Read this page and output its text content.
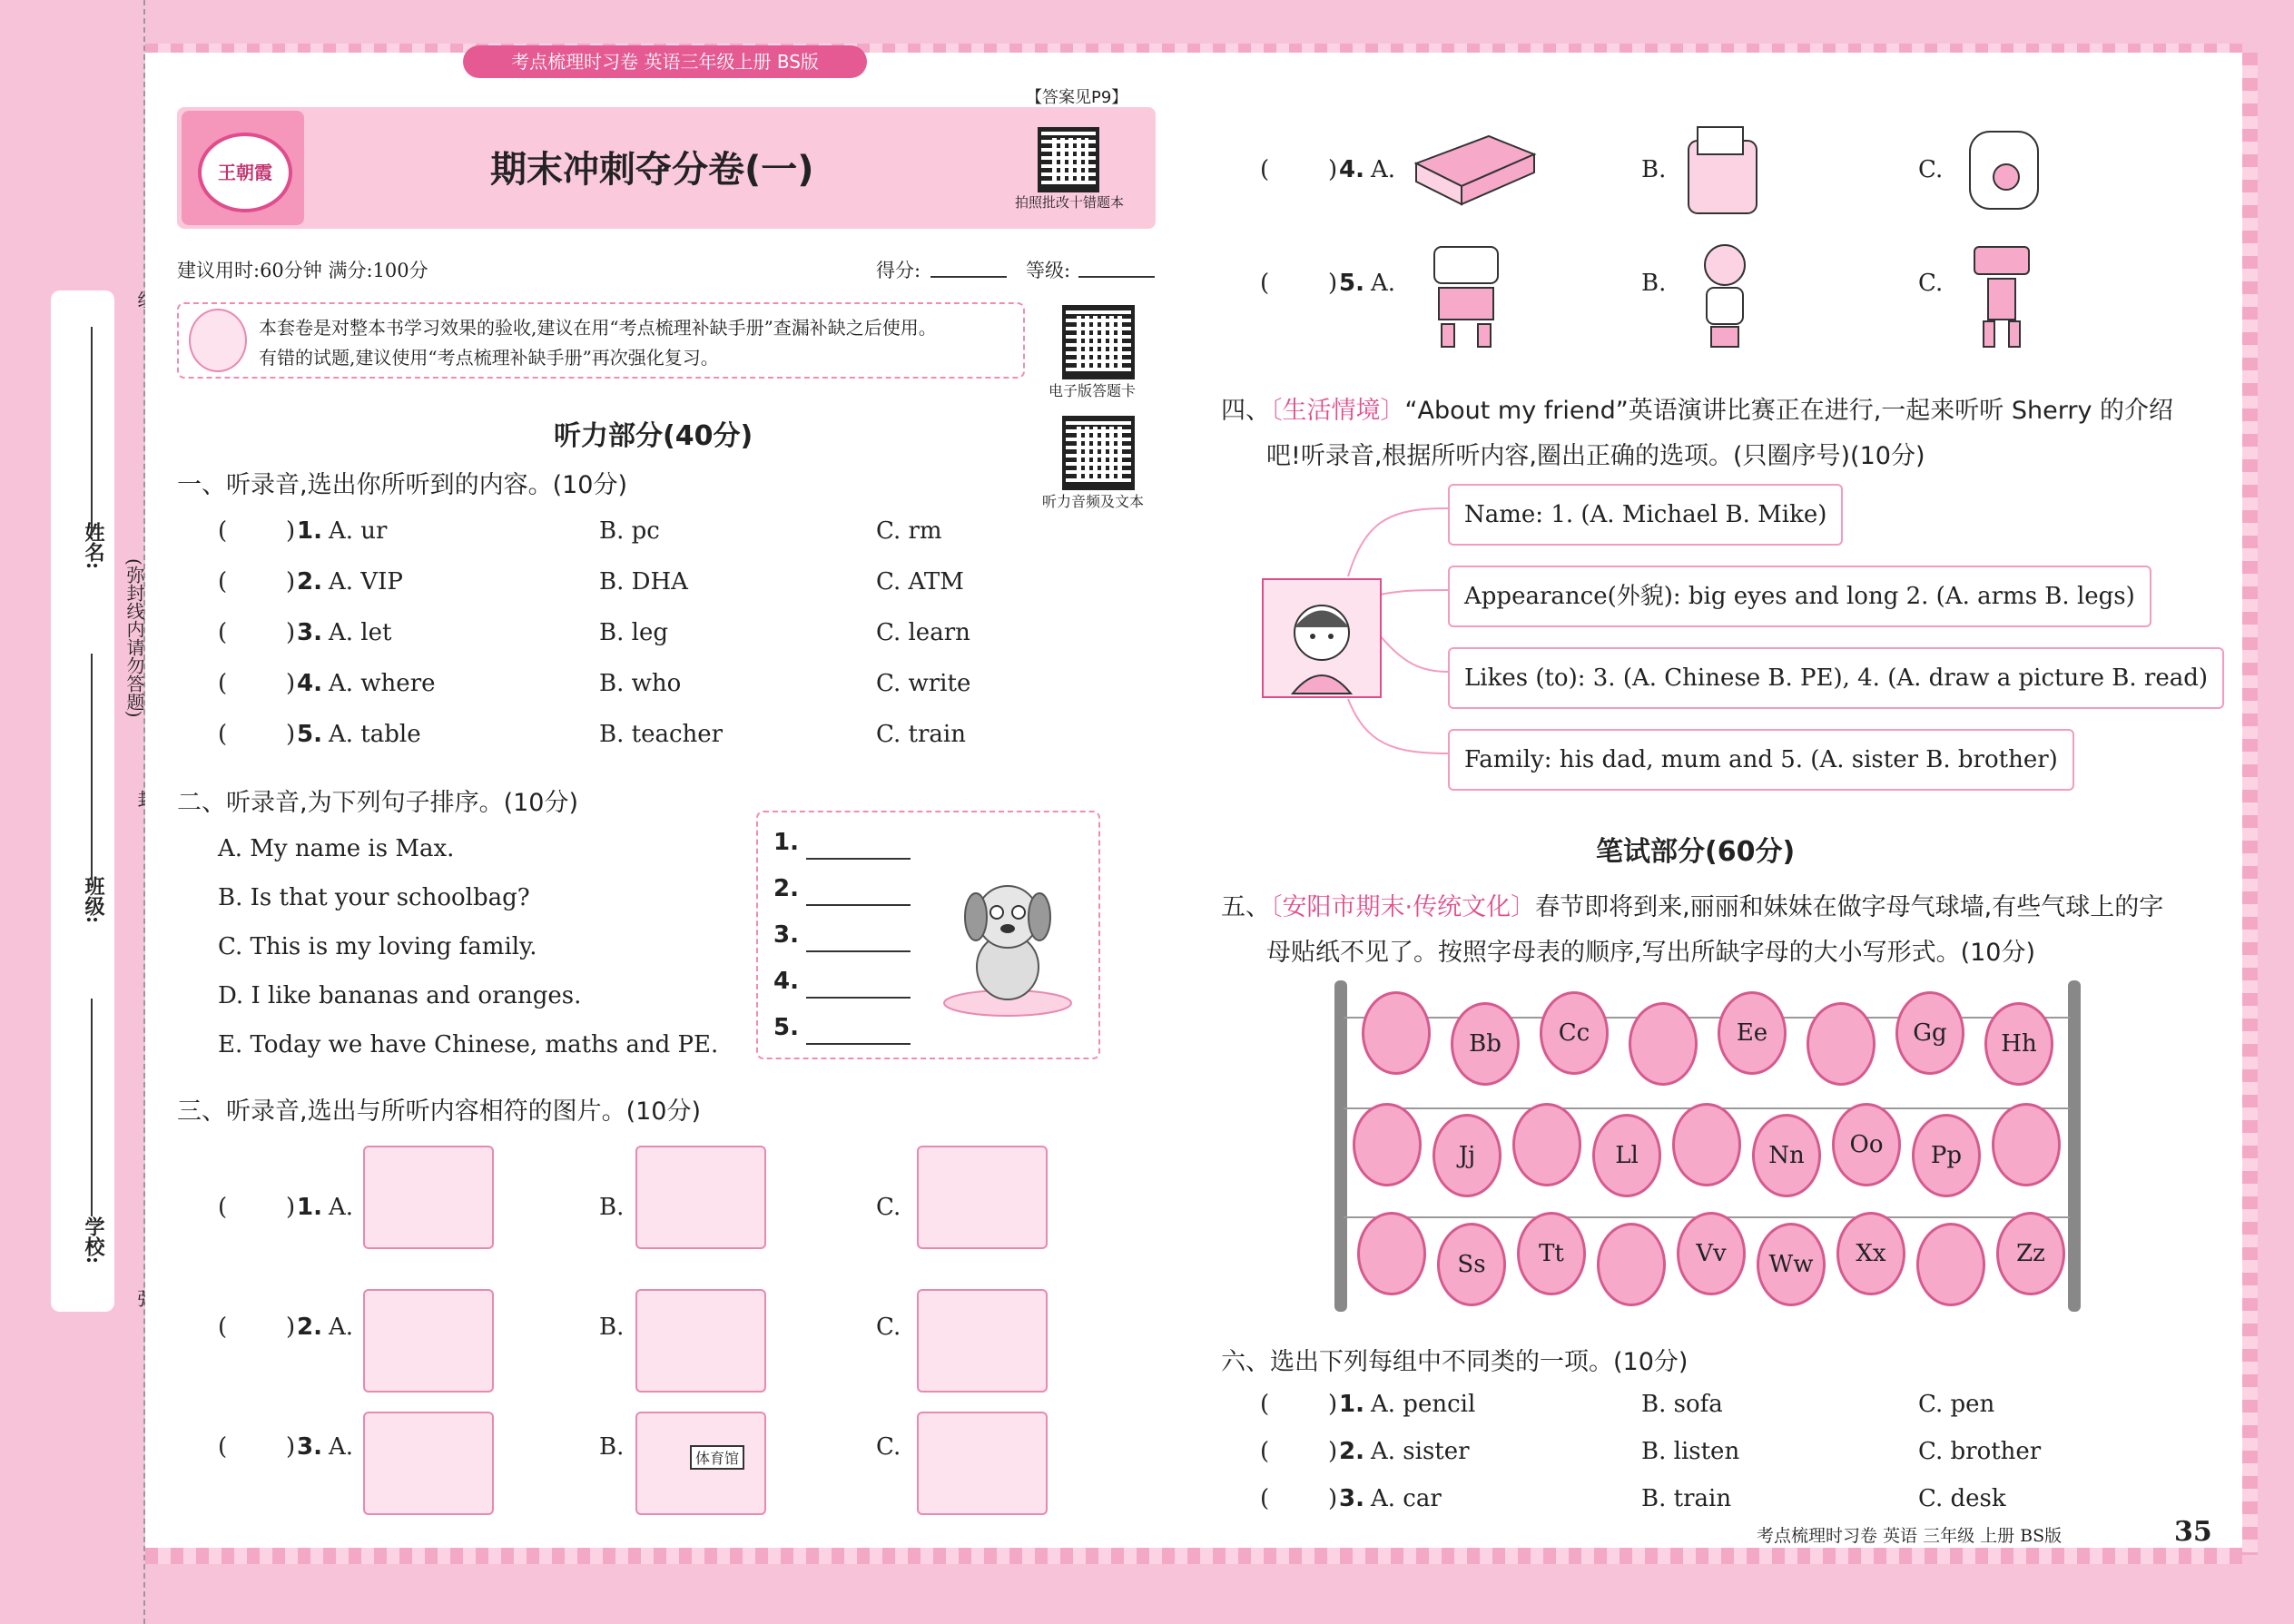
姓名:
班级:
学校:
(弥封线内请勿答题)
考点梳理时习卷 英语三年级上册 BS版
王朝霞	期末冲刺夺分卷(一)
【答案见P9】
拍照批改十错题本
建议用时:60分钟 满分:100分	得分:	等级:
本套卷是对整本书学习效果的验收,建议在用“考点梳理补缺手册”查漏补缺之后使用。
有错的试题,建议使用“考点梳理补缺手册”再次强化复习。
电子版答题卡
听力音频及文本
听力部分(40分)
一、听录音,选出你所听到的内容。(10分)
( ) 1. A. ur	B. pc	C. rm
( ) 2. A. VIP	B. DHA	C. ATM
( ) 3. A. let	B. leg	C. learn
( ) 4. A. where	B. who	C. write
( ) 5. A. table	B. teacher	C. train
二、听录音,为下列句子排序。(10分)
A. My name is Max.
B. Is that your schoolbag?
C. This is my loving family.
D. I like bananas and oranges.
E. Today we have Chinese, maths and PE.
1.
2.
3.
4.
5.
三、听录音,选出与所听内容相符的图片。(10分)
( ) 1. A.	B.	C.
( ) 2. A.	B.	C.
( ) 3. A.	B.	C.
( ) 4. A.	B.	C.
( ) 5. A.	B.	C.
四、〔生活情境〕“About my friend”英语演讲比赛正在进行,一起来听听 Sherry 的介绍
吧!听录音,根据所听内容,圈出正确的选项。(只圈序号)(10分)
Name: 1. (A. Michael B. Mike)
Appearance(外貌): big eyes and long 2. (A. arms B. legs)
Likes (to): 3. (A. Chinese B. PE), 4. (A. draw a picture B. read)
Family: his dad, mum and 5. (A. sister B. brother)
笔试部分(60分)
五、〔安阳市期末·传统文化〕春节即将到来,丽丽和妹妹在做字母气球墙,有些气球上的字
母贴纸不见了。按照字母表的顺序,写出所缺字母的大小写形式。(10分)
Bb	Cc	Ee	Gg	Hh
Jj	Ll	Nn	Oo	Pp
Ss	Tt	Vv	Ww	Xx	Zz
六、选出下列每组中不同类的一项。(10分)
( ) 1. A. pencil	B. sofa	C. pen
( ) 2. A. sister	B. listen	C. brother
( ) 3. A. car	B. train	C. desk
考点梳理时习卷 英语 三年级 上册 BS版	35
体育馆
